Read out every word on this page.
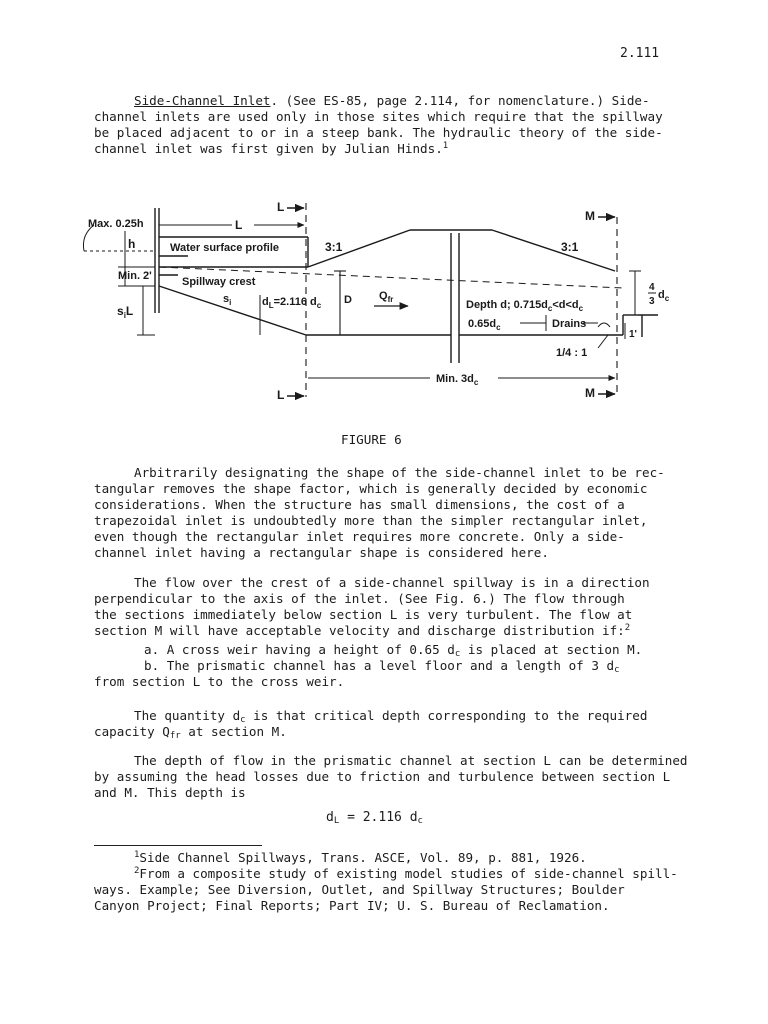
2.111
Side-Channel Inlet. (See ES-85, page 2.114, for nomenclature.) Side-
channel inlets are used only in those sites which require that the spillway
be placed adjacent to or in a steep bank. The hydraulic theory of the side-
channel inlet was first given by Julian Hinds.$^1$
L
L
M
M
Max. 0.25h	L
h	Water surface profile
Min. 2'	Spillway crest
$s_iL$
$s_i$	$d_L=2.116$ $d_c$ D $Q_{fr}$
3:1	3:1
Depth d; $0.715d_c<d<d_c$
$0.65d_c$	Drains
1'
1/4 : 1
4
3
$d_c$
Min. $3d_c$
FIGURE 6
Arbitrarily designating the shape of the side-channel inlet to be rec-
tangular removes the shape factor, which is generally decided by economic
considerations. When the structure has small dimensions, the cost of a
trapezoidal inlet is undoubtedly more than the simpler rectangular inlet,
even though the rectangular inlet requires more concrete. Only a side-
channel inlet having a rectangular shape is considered here.
The flow over the crest of a side-channel spillway is in a direction
perpendicular to the axis of the inlet. (See Fig. 6.) The flow through
the sections immediately below section L is very turbulent. The flow at
section M will have acceptable velocity and discharge distribution if:$^2$
a. A cross weir having a height of 0.65 $d_c$ is placed at section M.
b. The prismatic channel has a level floor and a length of 3 $d_c$
from section L to the cross weir.
The quantity $d_c$ is that critical depth corresponding to the required
capacity $Q_{fr}$ at section M.
The depth of flow in the prismatic channel at section L can be determined
by assuming the head losses due to friction and turbulence between section L
and M. This depth is
$d_L = 2.116$ $d_c$
$^1$Side Channel Spillways, Trans. ASCE, Vol. 89, p. 881, 1926.
$^2$From a composite study of existing model studies of side-channel spill-
ways. Example; See Diversion, Outlet, and Spillway Structures; Boulder
Canyon Project; Final Reports; Part IV; U. S. Bureau of Reclamation.
